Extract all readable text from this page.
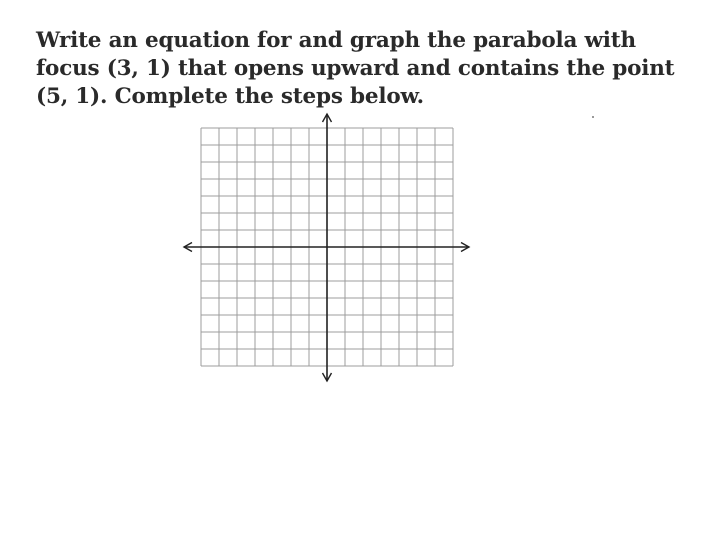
Write an equation for and graph the parabola with
focus (3, 1) that opens upward and contains the point
(5, 1). Complete the steps below.
